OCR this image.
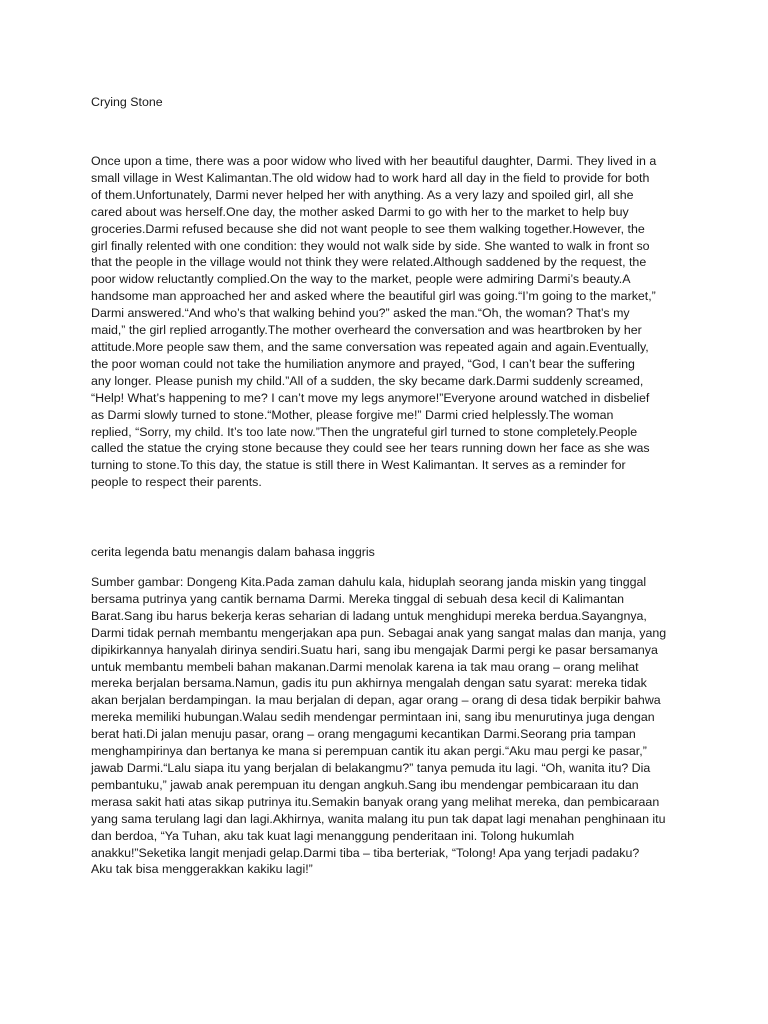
Crying Stone

Once upon a time, there was a poor widow who lived with her beautiful daughter, Darmi. They lived in a
small village in West Kalimantan.The old widow had to work hard all day in the field to provide for both
of them.Unfortunately, Darmi never helped her with anything. As a very lazy and spoiled girl, all she
cared about was herself.One day, the mother asked Darmi to go with her to the market to help buy
groceries.Darmi refused because she did not want people to see them walking together.However, the
girl finally relented with one condition: they would not walk side by side. She wanted to walk in front so
that the people in the village would not think they were related.Although saddened by the request, the
poor widow reluctantly complied.On the way to the market, people were admiring Darmi’s beauty.A
handsome man approached her and asked where the beautiful girl was going.“I’m going to the market,”
Darmi answered.“And who’s that walking behind you?” asked the man.“Oh, the woman? That’s my
maid,” the girl replied arrogantly.The mother overheard the conversation and was heartbroken by her
attitude.More people saw them, and the same conversation was repeated again and again.Eventually,
the poor woman could not take the humiliation anymore and prayed, “God, I can’t bear the suffering
any longer. Please punish my child.”All of a sudden, the sky became dark.Darmi suddenly screamed,
“Help! What’s happening to me? I can’t move my legs anymore!”Everyone around watched in disbelief
as Darmi slowly turned to stone.“Mother, please forgive me!” Darmi cried helplessly.The woman
replied, “Sorry, my child. It’s too late now.”Then the ungrateful girl turned to stone completely.People
called the statue the crying stone because they could see her tears running down her face as she was
turning to stone.To this day, the statue is still there in West Kalimantan. It serves as a reminder for
people to respect their parents.

cerita legenda batu menangis dalam bahasa inggris

Sumber gambar: Dongeng Kita.Pada zaman dahulu kala, hiduplah seorang janda miskin yang tinggal
bersama putrinya yang cantik bernama Darmi. Mereka tinggal di sebuah desa kecil di Kalimantan
Barat.Sang ibu harus bekerja keras seharian di ladang untuk menghidupi mereka berdua.Sayangnya,
Darmi tidak pernah membantu mengerjakan apa pun. Sebagai anak yang sangat malas dan manja, yang
dipikirkannya hanyalah dirinya sendiri.Suatu hari, sang ibu mengajak Darmi pergi ke pasar bersamanya
untuk membantu membeli bahan makanan.Darmi menolak karena ia tak mau orang – orang melihat
mereka berjalan bersama.Namun, gadis itu pun akhirnya mengalah dengan satu syarat: mereka tidak
akan berjalan berdampingan. Ia mau berjalan di depan, agar orang – orang di desa tidak berpikir bahwa
mereka memiliki hubungan.Walau sedih mendengar permintaan ini, sang ibu menurutinya juga dengan
berat hati.Di jalan menuju pasar, orang – orang mengagumi kecantikan Darmi.Seorang pria tampan
menghampirinya dan bertanya ke mana si perempuan cantik itu akan pergi.“Aku mau pergi ke pasar,”
jawab Darmi.“Lalu siapa itu yang berjalan di belakangmu?” tanya pemuda itu lagi. “Oh, wanita itu? Dia
pembantuku,” jawab anak perempuan itu dengan angkuh.Sang ibu mendengar pembicaraan itu dan
merasa sakit hati atas sikap putrinya itu.Semakin banyak orang yang melihat mereka, dan pembicaraan
yang sama terulang lagi dan lagi.Akhirnya, wanita malang itu pun tak dapat lagi menahan penghinaan itu
dan berdoa, “Ya Tuhan, aku tak kuat lagi menanggung penderitaan ini. Tolong hukumlah
anakku!”Seketika langit menjadi gelap.Darmi tiba – tiba berteriak, “Tolong! Apa yang terjadi padaku?
Aku tak bisa menggerakkan kakiku lagi!”
